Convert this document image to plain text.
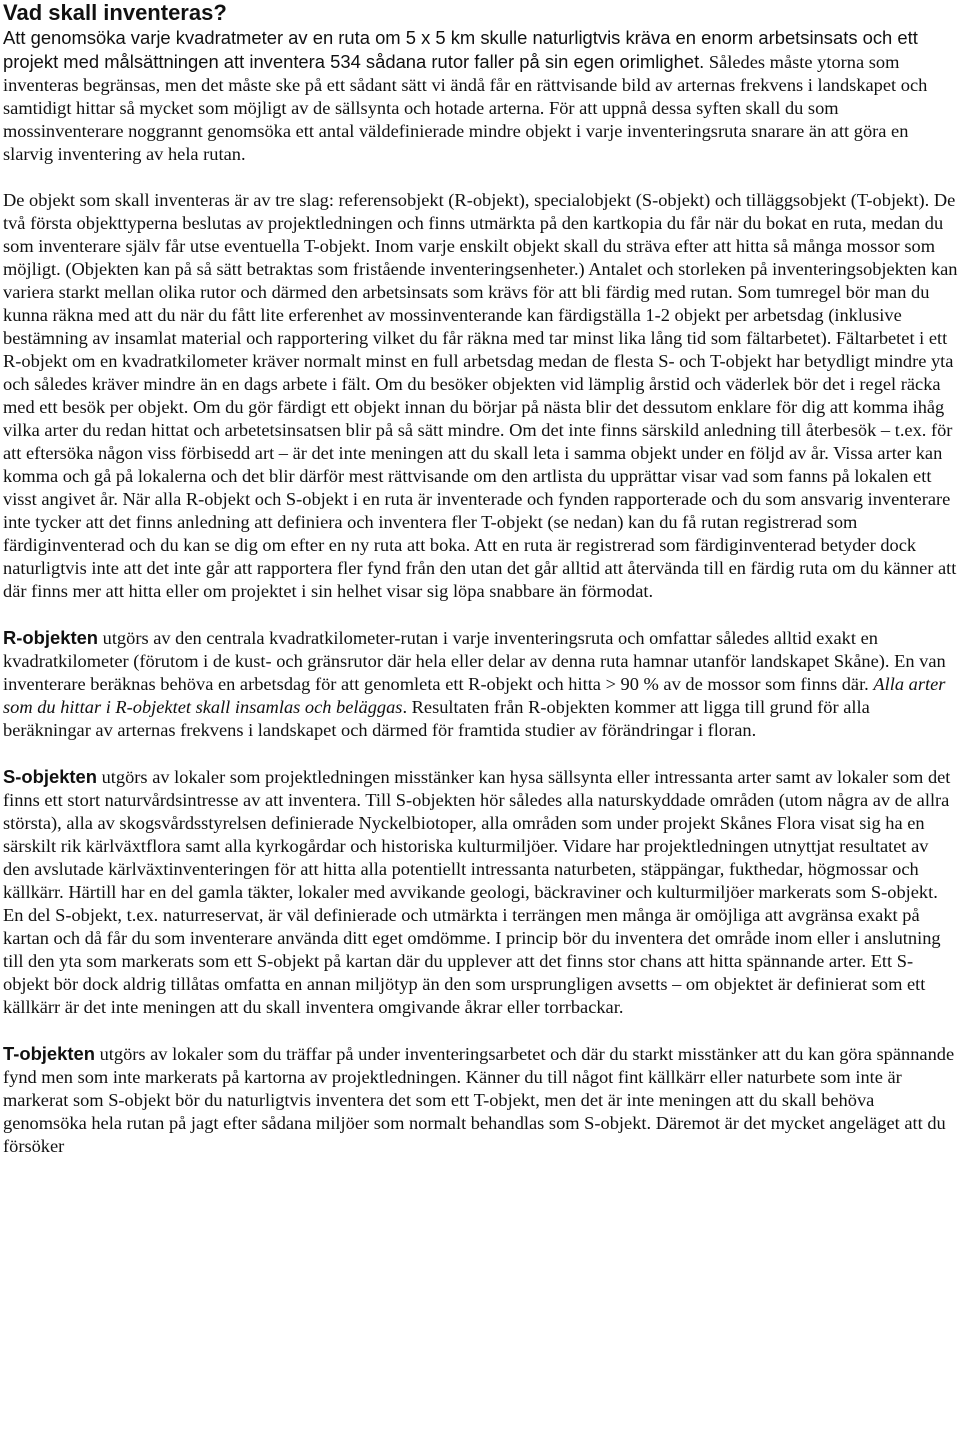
Vad skall inventeras?

Att genomsöka varje kvadratmeter av en ruta om 5 x 5 km skulle naturligtvis kräva en enorm arbetsinsats och ett projekt med målsättningen att inventera 534 sådana rutor faller på sin egen orimlighet. Således måste ytorna som inventeras begränsas, men det måste ske på ett sådant sätt vi ändå får en rättvisande bild av arternas frekvens i landskapet och samtidigt hittar så mycket som möjligt av de sällsynta och hotade arterna. För att uppnå dessa syften skall du som mossinventerare noggrannt genomsöka ett antal väldefinierade mindre objekt i varje inventeringsruta snarare än att göra en slarvig inventering av hela rutan.

De objekt som skall inventeras är av tre slag: referensobjekt (R-objekt), specialobjekt (S-objekt) och tilläggsobjekt (T-objekt). De två första objekttyperna beslutas av projektledningen och finns utmärkta på den kartkopia du får när du bokat en ruta, medan du som inventerare själv får utse eventuella T-objekt. Inom varje enskilt objekt skall du sträva efter att hitta så många mossor som möjligt. (Objekten kan på så sätt betraktas som fristående inventeringsenheter.) Antalet och storleken på inventeringsobjekten kan variera starkt mellan olika rutor och därmed den arbetsinsats som krävs för att bli färdig med rutan. Som tumregel bör man du kunna räkna med att du när du fått lite erferenhet av mossinventerande kan färdigställa 1-2 objekt per arbetsdag (inklusive bestämning av insamlat material och rapportering vilket du får räkna med tar minst lika lång tid som fältarbetet). Fältarbetet i ett R-objekt om en kvadratkilometer kräver normalt minst en full arbetsdag medan de flesta S- och T-objekt har betydligt mindre yta och således kräver mindre än en dags arbete i fält. Om du besöker objekten vid lämplig årstid och väderlek bör det i regel räcka med ett besök per objekt. Om du gör färdigt ett objekt innan du börjar på nästa blir det dessutom enklare för dig att komma ihåg vilka arter du redan hittat och arbetetsinsatsen blir på så sätt mindre. Om det inte finns särskild anledning till återbesök – t.ex. för att eftersöka någon viss förbisedd art – är det inte meningen att du skall leta i samma objekt under en följd av år. Vissa arter kan komma och gå på lokalerna och det blir därför mest rättvisande om den artlista du upprättar visar vad som fanns på lokalen ett visst angivet år. När alla R-objekt och S-objekt i en ruta är inventerade och fynden rapporterade och du som ansvarig inventerare inte tycker att det finns anledning att definiera och inventera fler T-objekt (se nedan) kan du få rutan registrerad som färdiginventerad och du kan se dig om efter en ny ruta att boka. Att en ruta är registrerad som färdiginventerad betyder dock naturligtvis inte att det inte går att rapportera fler fynd från den utan det går alltid att återvända till en färdig ruta om du känner att där finns mer att hitta eller om projektet i sin helhet visar sig löpa snabbare än förmodat.

R-objekten utgörs av den centrala kvadratkilometer-rutan i varje inventeringsruta och omfattar således alltid exakt en kvadratkilometer (förutom i de kust- och gränsrutor där hela eller delar av denna ruta hamnar utanför landskapet Skåne). En van inventerare beräknas behöva en arbetsdag för att genomleta ett R-objekt och hitta > 90 % av de mossor som finns där. Alla arter som du hittar i R-objektet skall insamlas och beläggas. Resultaten från R-objekten kommer att ligga till grund för alla beräkningar av arternas frekvens i landskapet och därmed för framtida studier av förändringar i floran.

S-objekten utgörs av lokaler som projektledningen misstänker kan hysa sällsynta eller intressanta arter samt av lokaler som det finns ett stort naturvårdsintresse av att inventera. Till S-objekten hör således alla naturskyddade områden (utom några av de allra största), alla av skogsvårdsstyrelsen definierade Nyckelbiotoper, alla områden som under projekt Skånes Flora visat sig ha en särskilt rik kärlväxtflora samt alla kyrkogårdar och historiska kulturmiljöer. Vidare har projektledningen utnyttjat resultatet av den avslutade kärlväxtinventeringen för att hitta alla potentiellt intressanta naturbeten, stäppängar, fukthedar, högmossar och källkärr. Härtill har en del gamla täkter, lokaler med avvikande geologi, bäckraviner och kulturmiljöer markerats som S-objekt. En del S-objekt, t.ex. naturreservat, är väl definierade och utmärkta i terrängen men många är omöjliga att avgränsa exakt på kartan och då får du som inventerare använda ditt eget omdömme. I princip bör du inventera det område inom eller i anslutning till den yta som markerats som ett S-objekt på kartan där du upplever att det finns stor chans att hitta spännande arter. Ett S-objekt bör dock aldrig tillåtas omfatta en annan miljötyp än den som ursprungligen avsetts – om objektet är definierat som ett källkärr är det inte meningen att du skall inventera omgivande åkrar eller torrbackar.

T-objekten utgörs av lokaler som du träffar på under inventeringsarbetet och där du starkt misstänker att du kan göra spännande fynd men som inte markerats på kartorna av projektledningen. Känner du till något fint källkärr eller naturbete som inte är markerat som S-objekt bör du naturligtvis inventera det som ett T-objekt, men det är inte meningen att du skall behöva genomsöka hela rutan på jagt efter sådana miljöer som normalt behandlas som S-objekt. Däremot är det mycket angeläget att du försöker
